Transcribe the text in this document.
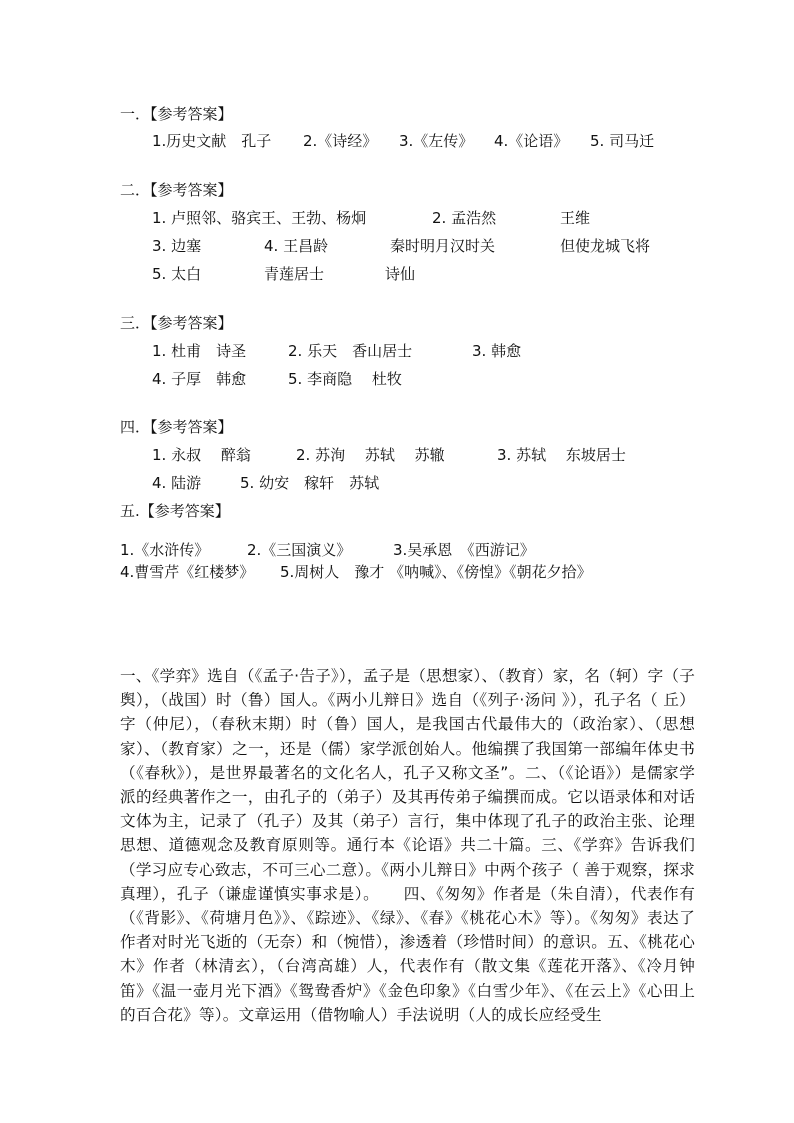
一．【参考答案】
1.历史文献　孔子 2.《诗经》 3.《左传》 4.《论语》 5. 司马迁
二．【参考答案】
1. 卢照邻、骆宾王、王勃、杨炯	2. 孟浩然	王维
3. 边塞	4. 王昌龄	秦时明月汉时关	但使龙城飞将
5. 太白	青莲居士	诗仙
三．【参考答案】
1. 杜甫　诗圣	2. 乐天　香山居士	3. 韩愈
4. 子厚　韩愈	5. 李商隐　 杜牧
四．【参考答案】
1. 永叔　 醉翁	2. 苏洵　 苏轼　 苏辙	3. 苏轼　 东坡居士
4. 陆游	5. 幼安　稼轩　苏轼
五.【参考答案】
1.《水浒传》	2.《三国演义》	3.吴承恩　《西游记》
4.曹雪芹《红楼梦》 5.周树人　豫才 《呐喊》、《傍惶》《朝花夕拾》
一、《学弈》选自（《孟子·告子》），孟子是（思想家）、（教育）家，名（轲）字（子舆），（战国）时（鲁）国人。《两小儿辩日》选自（《列子·汤问 》），孔子名（ 丘）字（仲尼），（春秋末期）时（鲁）国人，是我国古代最伟大的（政治家）、（思想家）、（教育家）之一，还是（儒）家学派创始人。他编撰了我国第一部编年体史书（《春秋》），是世界最著名的文化名人，孔子又称文圣”。二、（《论语》）是儒家学派的经典著作之一，由孔子的（弟子）及其再传弟子编撰而成。它以语录体和对话文体为主，记录了（孔子）及其（弟子）言行，集中体现了孔子的政治主张、论理思想、道德观念及教育原则等。通行本《论语》共二十篇。三、《学弈》告诉我们（学习应专心致志，不可三心二意）。《两小儿辩日》中两个孩子（ 善于观察，探求真理），孔子（谦虚谨慎实事求是）。　　四、《匆匆》作者是（朱自清），代表作有（《背影》、《荷塘月色》》、《踪迹》、《绿》、《春》《桃花心木》等）。《匆匆》表达了作者对时光飞逝的（无奈）和（惋惜），渗透着（珍惜时间）的意识。五、《桃花心木》作者（林清玄），（台湾高雄）人，代表作有（散文集《莲花开落》、《冷月钟笛》《温一壶月光下酒》《鸳鸯香炉》《金色印象》《白雪少年》、《在云上》《心田上的百合花》等）。文章运用（借物喻人）手法说明（人的成长应经受生
